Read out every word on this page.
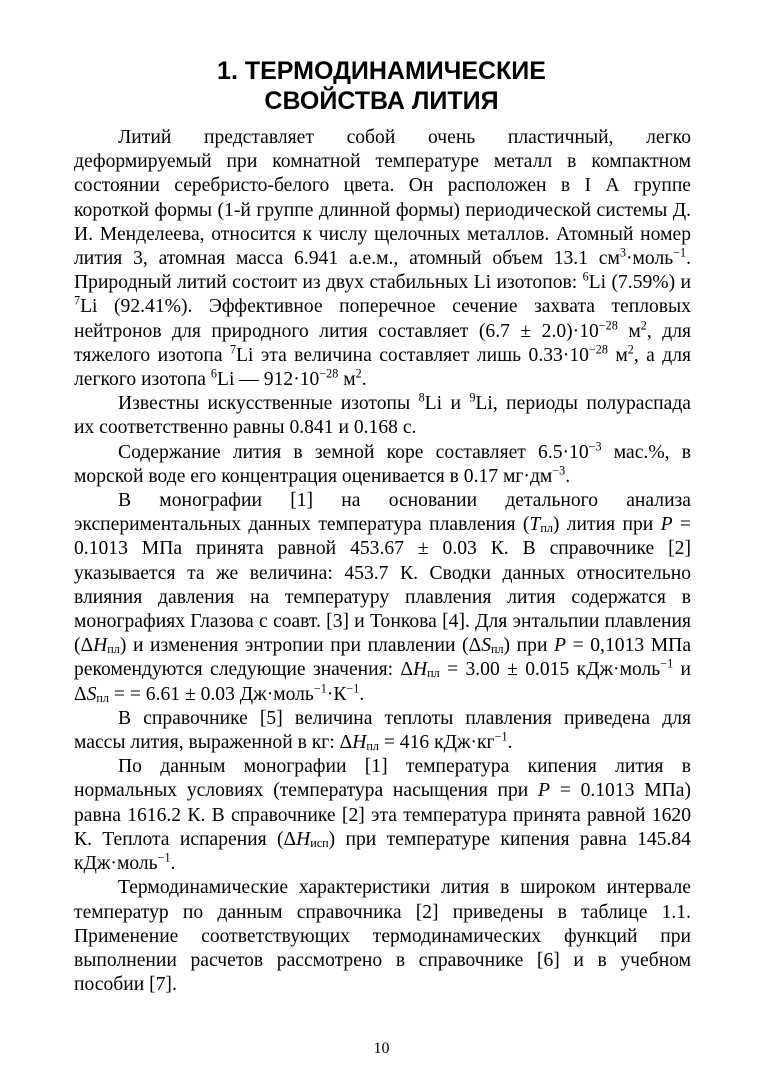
1. ТЕРМОДИНАМИЧЕСКИЕ
СВОЙСТВА ЛИТИЯ

Литий представляет собой очень пластичный, легко деформируемый при комнатной температуре металл в компактном состоянии серебристо-белого цвета. Он расположен в I А группе короткой формы (1-й группе длинной формы) периодической системы Д. И. Менделеева, относится к числу щелочных металлов. Атомный номер лития 3, атомная масса 6.941 а.е.м., атомный объем 13.1 $см^3\cdot моль^{-1}$. Природный литий состоит из двух стабильных Li изотопов: $^6$Li (7.59%) и $^7$Li (92.41%). Эффективное поперечное сечение захвата тепловых нейтронов для природного лития составляет $(6.7 \pm 2.0)\cdot 10^{-28}$ $м^2$, для тяжелого изотопа $^7$Li эта величина составляет лишь $0.33\cdot 10^{-28}$ $м^2$, а для легкого изотопа $^6$Li — $912\cdot 10^{-28}$ $м^2$.

Известны искусственные изотопы $^8$Li и $^9$Li, периоды полураспада их соответственно равны 0.841 и 0.168 с.

Содержание лития в земной коре составляет $6.5\cdot 10^{-3}$ мас.%, в морской воде его концентрация оценивается в 0.17 $мг\cdot дм^{-3}$.

В монографии [1] на основании детального анализа экспериментальных данных температура плавления $(T_{пл})$ лития при P = 0.1013 МПа принята равной 453.67 ± 0.03 К. В справочнике [2] указывается та же величина: 453.7 К. Сводки данных относительно влияния давления на температуру плавления лития содержатся в монографиях Глазова с соавт. [3] и Тонкова [4]. Для энтальпии плавления $(\Delta H_{пл})$ и изменения энтропии при плавлении $(\Delta S_{пл})$ при P = 0,1013 МПа рекомендуются следующие значения: $\Delta H_{пл} = 3.00 \pm 0.015$ кДж·моль$^{-1}$ и $\Delta S_{пл}$ = = 6.61 ± 0.03 $Дж\cdot моль^{-1}\cdot К^{-1}$.

В справочнике [5] величина теплоты плавления приведена для массы лития, выраженной в кг: $\Delta H_{пл} = 416$ $кДж\cdot кг^{-1}$.

По данным монографии [1] температура кипения лития в нормальных условиях (температура насыщения при P = 0.1013 МПа) равна 1616.2 К. В справочнике [2] эта температура принята равной 1620 К. Теплота испарения $(\Delta H_{исп})$ при температуре кипения равна 145.84 кДж·моль$^{-1}$.

Термодинамические характеристики лития в широком интервале температур по данным справочника [2] приведены в таблице 1.1. Применение соответствующих термодинамических функций при выполнении расчетов рассмотрено в справочнике [6] и в учебном пособии [7].

10
